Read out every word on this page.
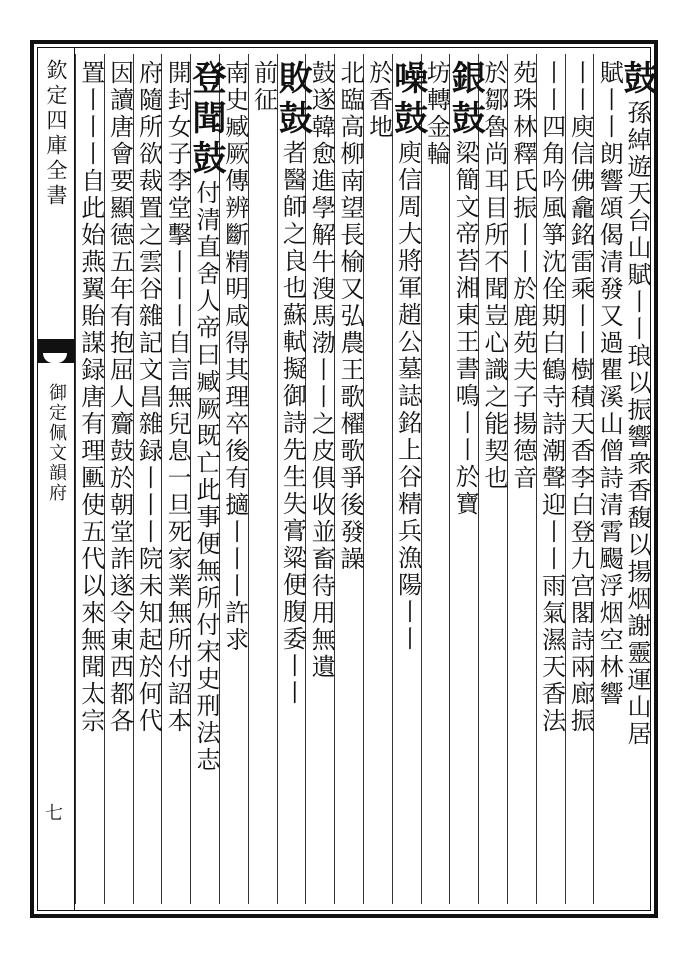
欽定四庫全書
御定佩文韻府
七
鼓孫綽遊天台山賦丨丨琅以振響衆香馥以揚烟謝靈運山居
賦丨丨朗響頌偈清發又過瞿溪山僧詩清霄颺浮烟空林響
丨丨庾信佛龕銘雷乘丨丨樹積天香李白登九宫閣詩兩廊振
丨丨四角吟風箏沈佺期白鶴寺詩潮聲迎丨丨雨氣濕天香法
苑珠林釋氏振丨丨於鹿苑夫子揚德音
於鄒魯尚耳目所不聞豈心識之能契也
銀鼓梁簡文帝苔湘東王書鳴丨丨於寶
坊轉金輪
噪鼓庾信周大將軍趙公墓誌銘上谷精兵漁陽丨丨
於香地
北臨高柳南望長榆又弘農王歌櫂歌爭後發譟
鼓遂韓愈進學解牛溲馬渤丨丨之皮俱收並畜待用無遺
敗鼓者醫師之良也蘇軾擬御詩先生失膏粱便腹委丨丨
前征
南史臧厥傳辨斷精明咸得其理卒後有擿丨丨丨許求
登聞鼓付清直舍人帝曰臧厥既亡此事便無所付宋史刑法志
開封女子李堂擊丨丨丨自言無兒息一旦死家業無所付詔本
府隨所欲裁置之雲谷雜記文昌雜録丨丨丨院未知起於何代
因讀唐會要顯德五年有抱屈人齎鼓於朝堂詐遂令東西都各
置丨丨丨自此始燕翼貽謀録唐有理匭使五代以來無聞太宗
